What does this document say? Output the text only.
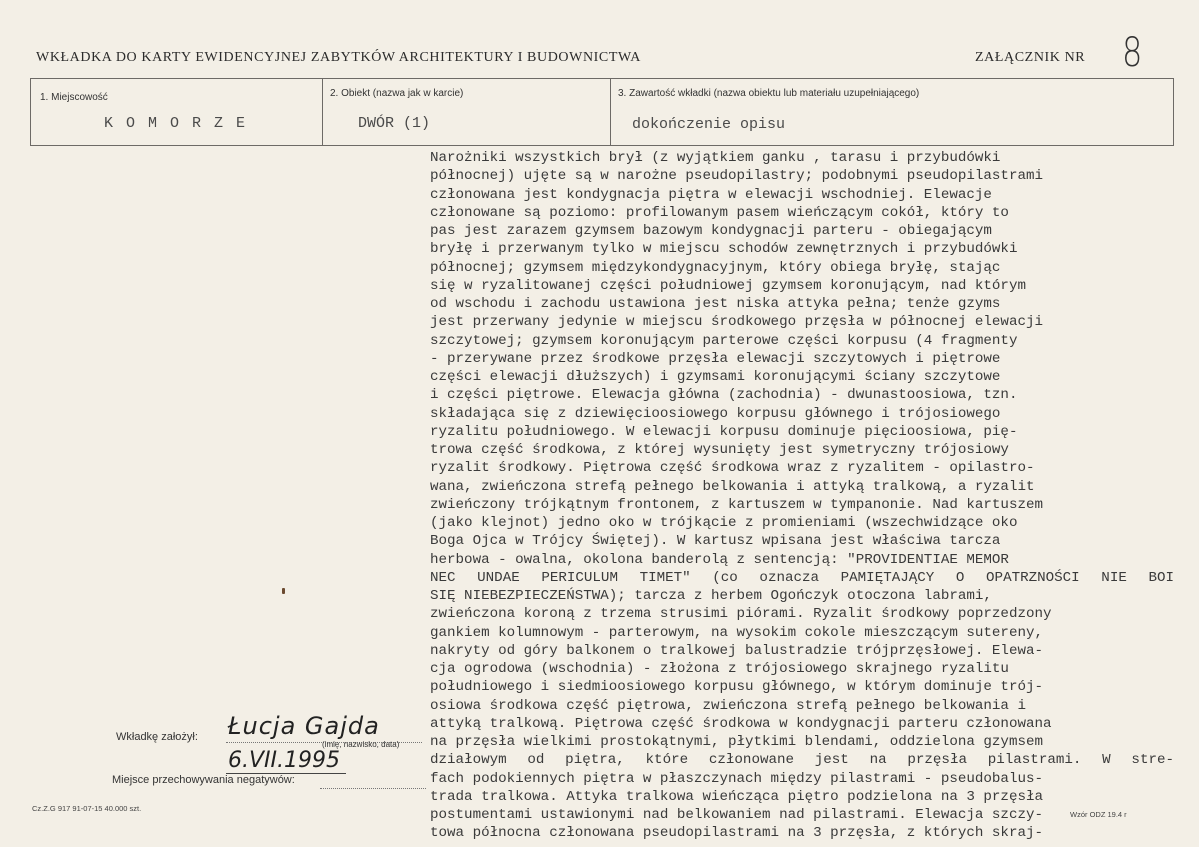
WKŁADKA DO KARTY EWIDENCYJNEJ ZABYTKÓW ARCHITEKTURY I BUDOWNICTWA	ZAŁĄCZNIK NR 8
1. Miejscowość
K O M O R Z E
2. Obiekt (nazwa jak w karcie)
DWÓR (1)
3. Zawartość wkładki (nazwa obiektu lub materiału uzupełniającego)
dokończenie opisu
Narożniki wszystkich brył (z wyjątkiem ganku , tarasu i przybudówki
północnej) ujęte są w narożne pseudopilastry; podobnymi pseudopilastrami
członowana jest kondygnacja piętra w elewacji wschodniej. Elewacje
członowane są poziomo: profilowanym pasem wieńczącym cokół, który to
pas jest zarazem gzymsem bazowym kondygnacji parteru - obiegającym
bryłę i przerwanym tylko w miejscu schodów zewnętrznych i przybudówki
północnej; gzymsem międzykondygnacyjnym, który obiega bryłę, stając
się w ryzalitowanej części południowej gzymsem koronującym, nad którym
od wschodu i zachodu ustawiona jest niska attyka pełna; tenże gzyms
jest przerwany jedynie w miejscu środkowego przęsła w północnej elewacji
szczytowej; gzymsem koronującym parterowe części korpusu (4 fragmenty
- przerywane przez środkowe przęsła elewacji szczytowych i piętrowe
części elewacji dłuższych) i gzymsami koronującymi ściany szczytowe
i części piętrowe. Elewacja główna (zachodnia) - dwunastoosiowa, tzn.
składająca się z dziewięcioosiowego korpusu głównego i trójosiowego
ryzalitu południowego. W elewacji korpusu dominuje pięcioosiowa, pię-
trowa część środkowa, z której wysunięty jest symetryczny trójosiowy
ryzalit środkowy. Piętrowa część środkowa wraz z ryzalitem - opilastro-
wana, zwieńczona strefą pełnego belkowania i attyką tralkową, a ryzalit
zwieńczony trójkątnym frontonem, z kartuszem w tympanonie. Nad kartuszem
(jako klejnot) jedno oko w trójkącie z promieniami (wszechwidzące oko
Boga Ojca w Trójcy Świętej). W kartusz wpisana jest właściwa tarcza
herbowa - owalna, okolona banderolą z sentencją: "PROVIDENTIAE MEMOR
NEC UNDAE PERICULUM TIMET" (co oznacza PAMIĘTAJĄCY O OPATRZNOŚCI NIE BOI
SIĘ NIEBEZPIECZEŃSTWA); tarcza z herbem Ogończyk otoczona labrami,
zwieńczona koroną z trzema strusimi piórami. Ryzalit środkowy poprzedzony
gankiem kolumnowym - parterowym, na wysokim cokole mieszczącym sutereny,
nakryty od góry balkonem o tralkowej balustradzie trójprzęsłowej. Elewa-
cja ogrodowa (wschodnia) - złożona z trójosiowego skrajnego ryzalitu
południowego i siedmioosiowego korpusu głównego, w którym dominuje trój-
osiowa środkowa część piętrowa, zwieńczona strefą pełnego belkowania i
attyką tralkową. Piętrowa część środkowa w kondygnacji parteru członowana
na przęsła wielkimi prostokątnymi, płytkimi blendami, oddzielona gzymsem
działowym od piętra, które członowane jest na przęsła pilastrami. W stre-
fach podokiennych piętra w płaszczynach między pilastrami - pseudobalus-
trada tralkowa. Attyka tralkowa wieńcząca piętro podzielona na 3 przęsła
postumentami ustawionymi nad belkowaniem nad pilastrami. Elewacja szczy-
towa północna członowana pseudopilastrami na 3 przęsła, z których skraj-
Wkładkę założył: Łucja Gajda
(imię, nazwisko, data)
6.VII.1995
Miejsce przechowywania negatywów:
Cz.Z.G 917 91-07-15 40.000 szt.
Wzór ODZ 19.4 r
